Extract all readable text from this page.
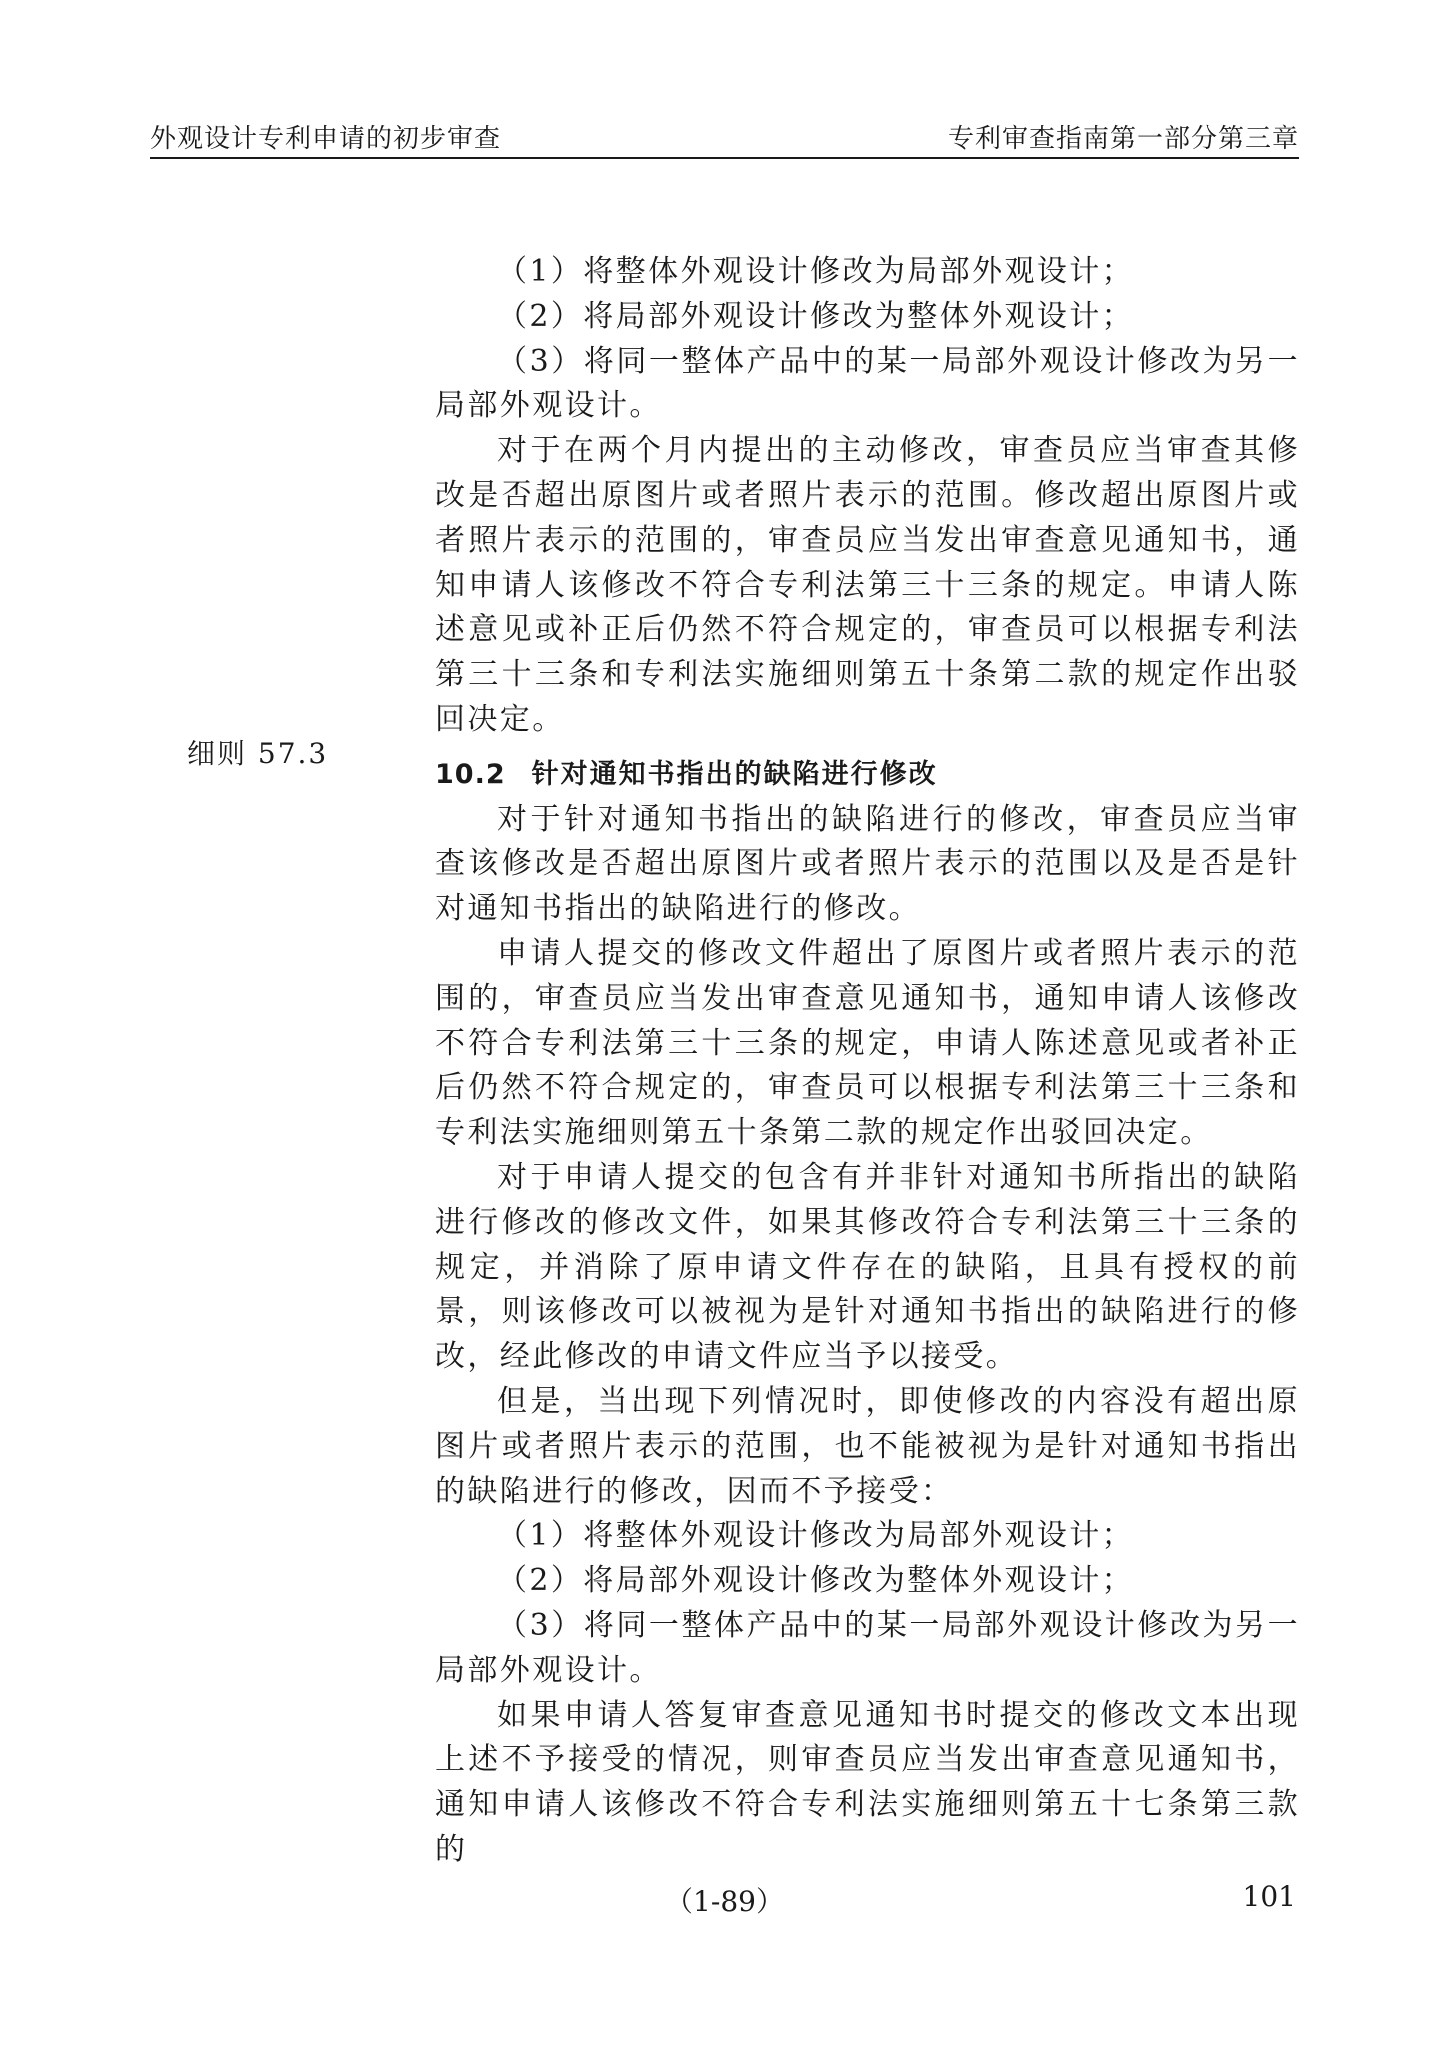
外观设计专利申请的初步审查	专利审查指南第一部分第三章
细则 57.3

（1）将整体外观设计修改为局部外观设计；

（2）将局部外观设计修改为整体外观设计；

（3）将同一整体产品中的某一局部外观设计修改为另一局部外观设计。

对于在两个月内提出的主动修改，审查员应当审查其修改是否超出原图片或者照片表示的范围。修改超出原图片或者照片表示的范围的，审查员应当发出审查意见通知书，通知申请人该修改不符合专利法第三十三条的规定。申请人陈述意见或补正后仍然不符合规定的，审查员可以根据专利法第三十三条和专利法实施细则第五十条第二款的规定作出驳回决定。

10.2 针对通知书指出的缺陷进行修改

对于针对通知书指出的缺陷进行的修改，审查员应当审查该修改是否超出原图片或者照片表示的范围以及是否是针对通知书指出的缺陷进行的修改。

申请人提交的修改文件超出了原图片或者照片表示的范围的，审查员应当发出审查意见通知书，通知申请人该修改不符合专利法第三十三条的规定，申请人陈述意见或者补正后仍然不符合规定的，审查员可以根据专利法第三十三条和专利法实施细则第五十条第二款的规定作出驳回决定。

对于申请人提交的包含有并非针对通知书所指出的缺陷进行修改的修改文件，如果其修改符合专利法第三十三条的规定，并消除了原申请文件存在的缺陷，且具有授权的前景，则该修改可以被视为是针对通知书指出的缺陷进行的修改，经此修改的申请文件应当予以接受。

但是，当出现下列情况时，即使修改的内容没有超出原图片或者照片表示的范围，也不能被视为是针对通知书指出的缺陷进行的修改，因而不予接受：

（1）将整体外观设计修改为局部外观设计；

（2）将局部外观设计修改为整体外观设计；

（3）将同一整体产品中的某一局部外观设计修改为另一局部外观设计。

如果申请人答复审查意见通知书时提交的修改文本出现上述不予接受的情况，则审查员应当发出审查意见通知书，通知申请人该修改不符合专利法实施细则第五十七条第三款的

（1-89）	101
